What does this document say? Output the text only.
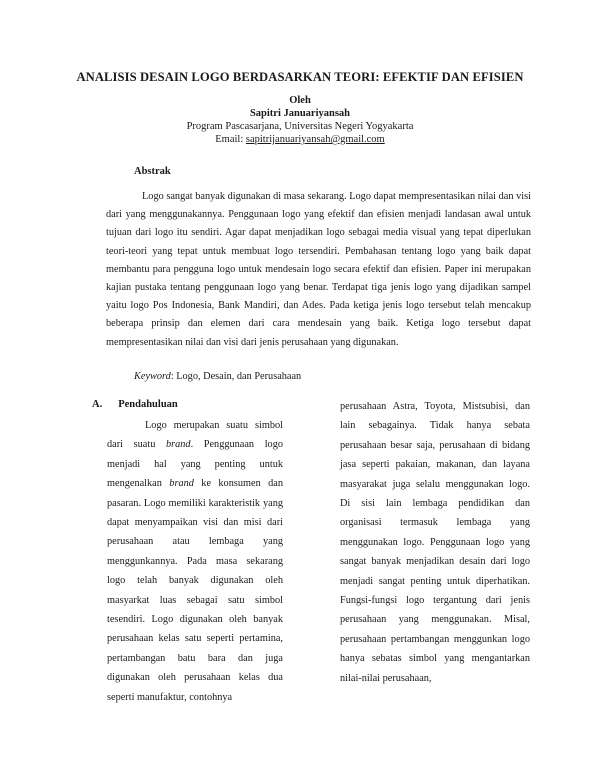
ANALISIS DESAIN LOGO BERDASARKAN TEORI: EFEKTIF DAN EFISIEN
Oleh
Sapitri Januariyansah
Program Pascasarjana, Universitas Negeri Yogyakarta
Email: sapitrijanuariyansah@gmail.com
Abstrak
Logo sangat banyak digunakan di masa sekarang. Logo dapat mempresentasikan nilai dan visi dari yang menggunakannya. Penggunaan logo yang efektif dan efisien menjadi landasan awal untuk tujuan dari logo itu sendiri. Agar dapat menjadikan logo sebagai media visual yang tepat diperlukan teori-teori yang tepat untuk membuat logo tersendiri. Pembahasan tentang logo yang baik dapat membantu para pengguna logo untuk mendesain logo secara efektif dan efisien. Paper ini merupakan kajian pustaka tentang penggunaan logo yang benar. Terdapat tiga jenis logo yang dijadikan sampel yaitu logo Pos Indonesia, Bank Mandiri, dan Ades. Pada ketiga jenis logo tersebut telah mencakup beberapa prinsip dan elemen dari cara mendesain yang baik. Ketiga logo tersebut dapat mempresentasikan nilai dan visi dari jenis perusahaan yang digunakan.
Keyword: Logo, Desain, dan Perusahaan
A. Pendahuluan
Logo merupakan suatu simbol dari suatu brand. Penggunaan logo menjadi hal yang penting untuk mengenalkan brand ke konsumen dan pasaran. Logo memiliki karakteristik yang dapat menyampaikan visi dan misi dari perusahaan atau lembaga yang menggunkannya. Pada masa sekarang logo telah banyak digunakan oleh masyarkat luas sebagai satu simbol tesendiri. Logo digunakan oleh banyak perusahaan kelas satu seperti pertamina, pertambangan batu bara dan juga digunakan oleh perusahaan kelas dua seperti manufaktur, contohnya
perusahaan Astra, Toyota, Mistsubisi, dan lain sebagainya. Tidak hanya sebata perusahaan besar saja, perusahaan di bidang jasa seperti pakaian, makanan, dan layana masyarakat juga selalu menggunakan logo. Di sisi lain lembaga pendidikan dan organisasi termasuk lembaga yang menggunakan logo. Penggunaan logo yang sangat banyak menjadikan desain dari logo menjadi sangat penting untuk diperhatikan. Fungsi-fungsi logo tergantung dari jenis perusahaan yang menggunakan. Misal, perusahaan pertambangan menggunkan logo hanya sebatas simbol yang mengantarkan nilai-nilai perusahaan,
